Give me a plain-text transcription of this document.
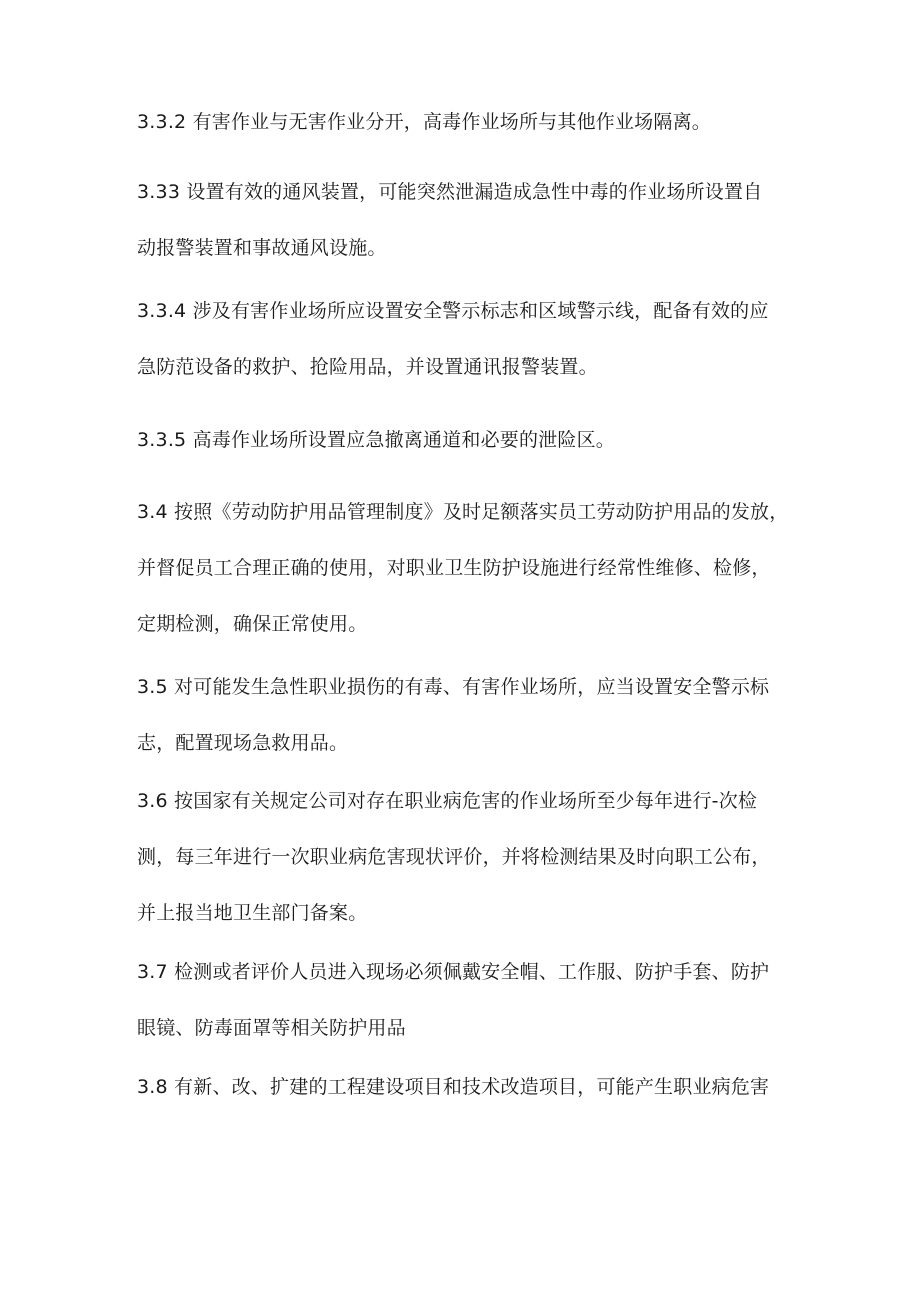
3.3.2 有害作业与无害作业分开，高毒作业场所与其他作业场隔离。

3.33 设置有效的通风装置，可能突然泄漏造成急性中毒的作业场所设置自
动报警装置和事故通风设施。

3.3.4 涉及有害作业场所应设置安全警示标志和区域警示线，配备有效的应
急防范设备的救护、抢险用品，并设置通讯报警装置。

3.3.5 高毒作业场所设置应急撤离通道和必要的泄险区。

3.4 按照《劳动防护用品管理制度》及时足额落实员工劳动防护用品的发放，
并督促员工合理正确的使用，对职业卫生防护设施进行经常性维修、检修，
定期检测，确保正常使用。

3.5 对可能发生急性职业损伤的有毒、有害作业场所，应当设置安全警示标
志，配置现场急救用品。

3.6 按国家有关规定公司对存在职业病危害的作业场所至少每年进行-次检
测，每三年进行一次职业病危害现状评价，并将检测结果及时向职工公布，
并上报当地卫生部门备案。

3.7 检测或者评价人员进入现场必须佩戴安全帽、工作服、防护手套、防护
眼镜、防毒面罩等相关防护用品

3.8 有新、改、扩建的工程建设项目和技术改造项目，可能产生职业病危害
